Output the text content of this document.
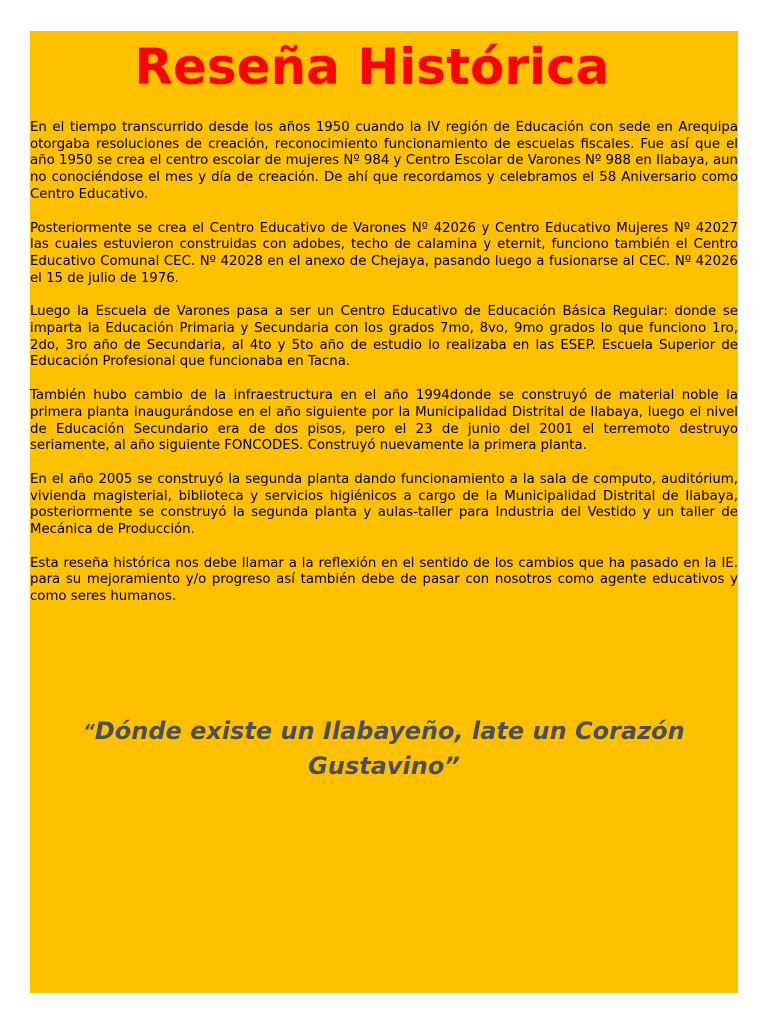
Reseña Histórica

En el tiempo transcurrido desde los años 1950 cuando la IV región de Educación con sede en Arequipa otorgaba resoluciones de creación, reconocimiento funcionamiento de escuelas fiscales. Fue así que el año 1950 se crea el centro escolar de mujeres Nº 984 y Centro Escolar de Varones Nº 988 en Ilabaya, aun no conociéndose el mes y día de creación. De ahí que recordamos y celebramos el 58 Aniversario como Centro Educativo.

Posteriormente se crea el Centro Educativo de Varones Nº 42026 y Centro Educativo Mujeres Nº 42027 las cuales estuvieron construidas con adobes, techo de calamina y eternit, funciono también el Centro Educativo Comunal CEC. Nº 42028 en el anexo de Chejaya, pasando luego a fusionarse al CEC. Nº 42026 el 15 de julio de 1976.

Luego la Escuela de Varones pasa a ser un Centro Educativo de Educación Básica Regular: donde se imparta la Educación Primaria y Secundaria con los grados 7mo, 8vo, 9mo grados lo que funciono 1ro, 2do, 3ro año de Secundaria, al 4to y 5to año de estudio lo realizaba en las ESEP. Escuela Superior de Educación Profesional que funcionaba en Tacna.

También hubo cambio de la infraestructura en el año 1994donde se construyó de material noble la primera planta inaugurándose en el año siguiente por la Municipalidad Distrital de Ilabaya, luego el nivel de Educación Secundario era de dos pisos, pero el 23 de junio del 2001 el terremoto destruyo seriamente, al año siguiente FONCODES. Construyó nuevamente la primera planta.

En el año 2005 se construyó la segunda planta dando funcionamiento a la sala de computo, auditórium, vivienda magisterial, biblioteca y servicios higiénicos a cargo de la Municipalidad Distrital de Ilabaya, posteriormente se construyó la segunda planta y aulas-taller para Industria del Vestido y un taller de Mecánica de Producción.

Esta reseña histórica nos debe llamar a la reflexión en el sentido de los cambios que ha pasado en la IE. para su mejoramiento y/o progreso así también debe de pasar con nosotros como agente educativos y como seres humanos.

“Dónde existe un Ilabayeño, late un Corazón Gustavino”
